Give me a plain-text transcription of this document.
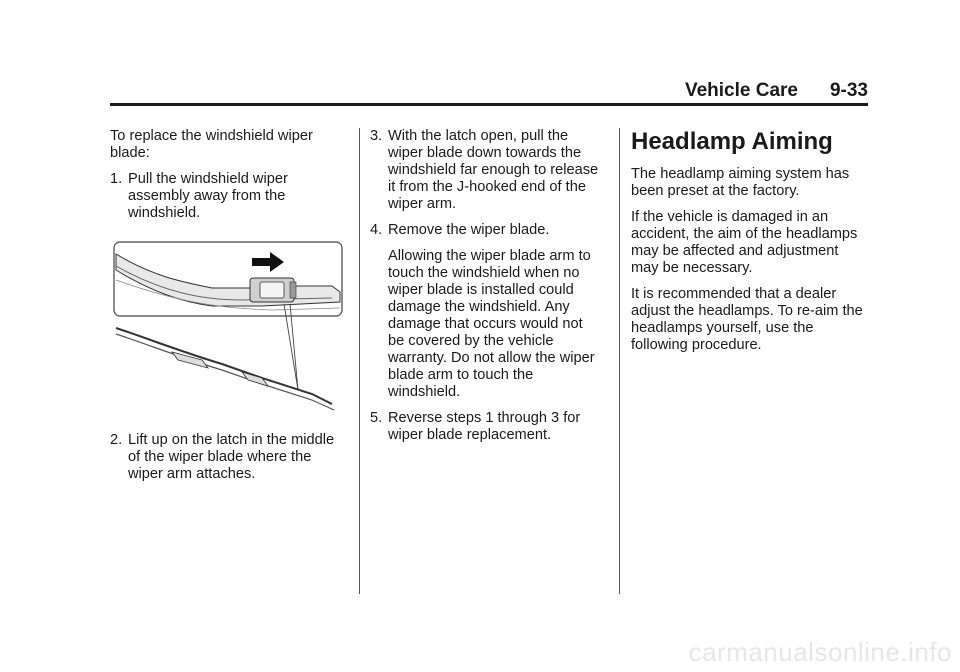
Vehicle Care 9-33

To replace the windshield wiper blade:

1. Pull the windshield wiper assembly away from the windshield.
2. Lift up on the latch in the middle of the wiper blade where the wiper arm attaches.
3. With the latch open, pull the wiper blade down towards the windshield far enough to release it from the J-hooked end of the wiper arm.
4. Remove the wiper blade.

Allowing the wiper blade arm to touch the windshield when no wiper blade is installed could damage the windshield. Any damage that occurs would not be covered by the vehicle warranty. Do not allow the wiper blade arm to touch the windshield.

5. Reverse steps 1 through 3 for wiper blade replacement.
Headlamp Aiming

The headlamp aiming system has been preset at the factory.

If the vehicle is damaged in an accident, the aim of the headlamps may be affected and adjustment may be necessary.

It is recommended that a dealer adjust the headlamps. To re-aim the headlamps yourself, use the following procedure.

carmanualsonline.info
